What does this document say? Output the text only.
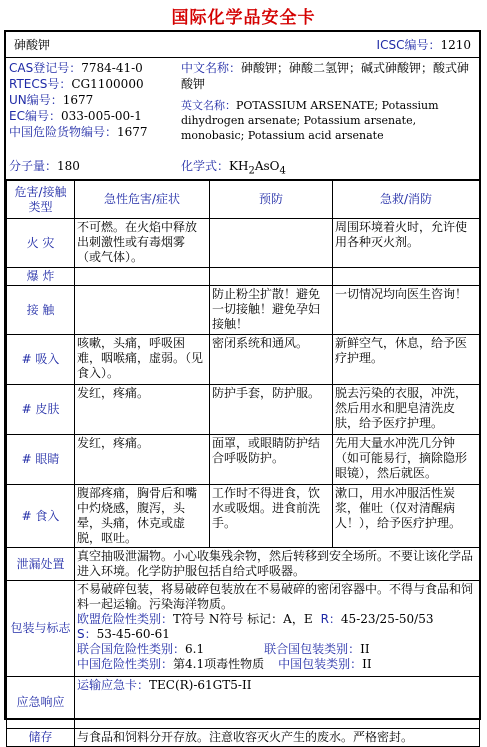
国际化学品安全卡
砷酸钾	ICSC编号：1210
CAS登记号：7784-41-0
RTECS号：CG1100000
UN编号：1677
EC编号：033-005-00-1
中国危险货物编号：1677
分子量：180
中文名称：砷酸钾；砷酸二氢钾；碱式砷酸钾；酸式砷酸钾
英文名称：POTASSIUM ARSENATE; Potassium dihydrogen arsenate; Potassium arsenate, monobasic; Potassium acid arsenate
化学式：$KH_2AsO_4$
危害/接触类型	急性危害/症状	预防	急救/消防
火 灾	不可燃。在火焰中释放出刺激性或有毒烟雾（或气体）。		周围环境着火时，允许使用各种灭火剂。
爆 炸			
接 触		防止粉尘扩散！避免一切接触！避免孕妇接触！	一切情况均向医生咨询！
# 吸入	咳嗽，头痛，呼吸困难，咽喉痛，虚弱。（见食入）。	密闭系统和通风。	新鲜空气，休息，给予医疗护理。
# 皮肤	发红，疼痛。	防护手套，防护服。	脱去污染的衣服，冲洗，然后用水和肥皂清洗皮肤，给予医疗护理。
# 眼睛	发红，疼痛。	面罩，或眼睛防护结合呼吸防护。	先用大量水冲洗几分钟（如可能易行，摘除隐形眼镜），然后就医。
# 食入	腹部疼痛，胸骨后和嘴中灼烧感，腹泻，头晕，头痛，休克或虚脱，呕吐。	工作时不得进食，饮水或吸烟。进食前洗手。	漱口，用水冲服活性炭浆，催吐（仅对清醒病人！），给予医疗护理。
泄漏处置	真空抽吸泄漏物。小心收集残余物，然后转移到安全场所。不要让该化学品进入环境。化学防护服包括自给式呼吸器。
包装与标志	不易破碎包装，将易破碎包装放在不易破碎的密闭容器中。不得与食品和饲料一起运输。污染海洋物质。
欧盟危险性类别：T符号 N符号 标记：A，E R：45-23/25-50/53
S：53-45-60-61
联合国危险性类别：6.1 联合国包装类别：II
中国危险性类别：第4.1项毒性物质 中国包装类别：II

应急响应	运输应急卡：TEC(R)-61GT5-II
储存	与食品和饲料分开存放。注意收容灭火产生的废水。严格密封。
